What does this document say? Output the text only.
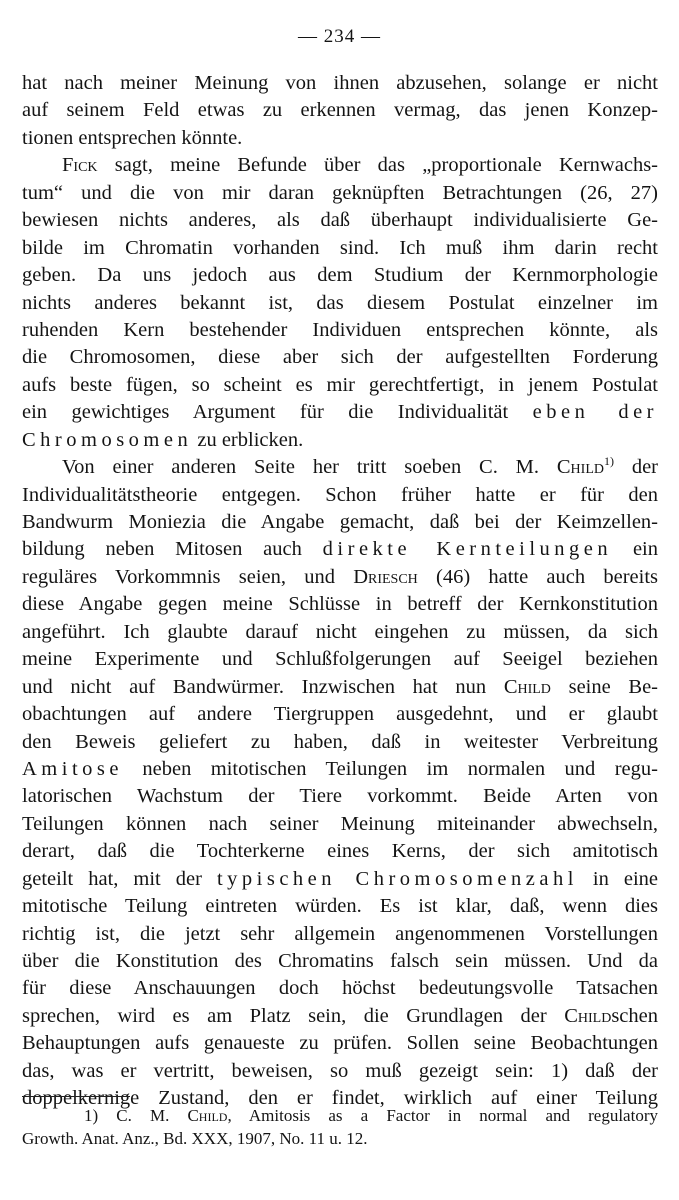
— 234 —
hat nach meiner Meinung von ihnen abzusehen, solange er nicht
auf seinem Feld etwas zu erkennen vermag, das jenen Konzep-
tionen entsprechen könnte.
Fick sagt, meine Befunde über das „proportionale Kernwachs-
tum“ und die von mir daran geknüpften Betrachtungen (26, 27)
bewiesen nichts anderes, als daß überhaupt individualisierte Ge-
bilde im Chromatin vorhanden sind. Ich muß ihm darin recht
geben. Da uns jedoch aus dem Studium der Kernmorphologie
nichts anderes bekannt ist, das diesem Postulat einzelner im
ruhenden Kern bestehender Individuen entsprechen könnte, als
die Chromosomen, diese aber sich der aufgestellten Forderung
aufs beste fügen, so scheint es mir gerechtfertigt, in jenem Postulat
ein gewichtiges Argument für die Individualität eben der
Chromosomen zu erblicken.
Von einer anderen Seite her tritt soeben C. M. Child$^{1)}$ der
Individualitätstheorie entgegen. Schon früher hatte er für den
Bandwurm Moniezia die Angabe gemacht, daß bei der Keimzellen-
bildung neben Mitosen auch direkte Kernteilungen ein
reguläres Vorkommnis seien, und Driesch (46) hatte auch bereits
diese Angabe gegen meine Schlüsse in betreff der Kernkonstitution
angeführt. Ich glaubte darauf nicht eingehen zu müssen, da sich
meine Experimente und Schlußfolgerungen auf Seeigel beziehen
und nicht auf Bandwürmer. Inzwischen hat nun Child seine Be-
obachtungen auf andere Tiergruppen ausgedehnt, und er glaubt
den Beweis geliefert zu haben, daß in weitester Verbreitung
Amitose neben mitotischen Teilungen im normalen und regu-
latorischen Wachstum der Tiere vorkommt. Beide Arten von
Teilungen können nach seiner Meinung miteinander abwechseln,
derart, daß die Tochterkerne eines Kerns, der sich amitotisch
geteilt hat, mit der typischen Chromosomenzahl in eine
mitotische Teilung eintreten würden. Es ist klar, daß, wenn dies
richtig ist, die jetzt sehr allgemein angenommenen Vorstellungen
über die Konstitution des Chromatins falsch sein müssen. Und da
für diese Anschauungen doch höchst bedeutungsvolle Tatsachen
sprechen, wird es am Platz sein, die Grundlagen der Childschen
Behauptungen aufs genaueste zu prüfen. Sollen seine Beobachtungen
das, was er vertritt, beweisen, so muß gezeigt sein: 1) daß der
doppelkernige Zustand, den er findet, wirklich auf einer Teilung
1) C. M. Child, Amitosis as a Factor in normal and regulatory
Growth. Anat. Anz., Bd. XXX, 1907, No. 11 u. 12.
